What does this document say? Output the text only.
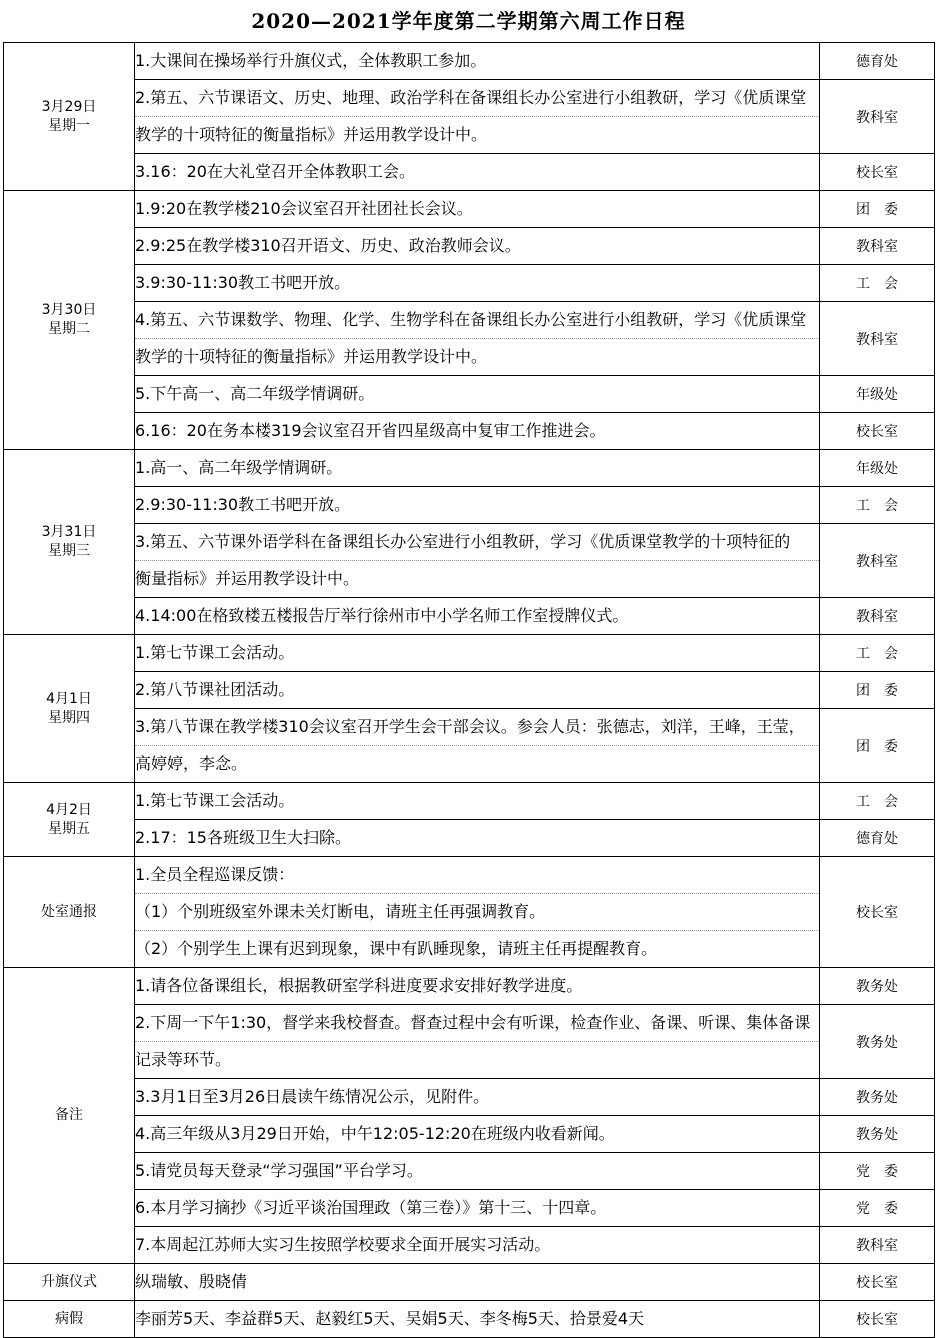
2020—2021学年度第二学期第六周工作日程
3月29日
星期一	1.大课间在操场举行升旗仪式，全体教职工参加。	德育处

	2.第五、六节课语文、历史、地理、政治学科在备课组长办公室进行小组教研，学习《优质课堂
教学的十项特征的衡量指标》并运用教学设计中。	教科室

	3.16：20在大礼堂召开全体教职工会。	校长室

3月30日
星期二	1.9:20在教学楼210会议室召开社团社长会议。	团委

	2.9:25在教学楼310召开语文、历史、政治教师会议。	教科室

	3.9:30-11:30教工书吧开放。	工会

	4.第五、六节课数学、物理、化学、生物学科在备课组长办公室进行小组教研，学习《优质课堂
教学的十项特征的衡量指标》并运用教学设计中。	教科室

	5.下午高一、高二年级学情调研。	年级处

	6.16：20在务本楼319会议室召开省四星级高中复审工作推进会。	校长室

3月31日
星期三	1.高一、高二年级学情调研。	年级处

	2.9:30-11:30教工书吧开放。	工会

	3.第五、六节课外语学科在备课组长办公室进行小组教研，学习《优质课堂教学的十项特征的
衡量指标》并运用教学设计中。	教科室

	4.14:00在格致楼五楼报告厅举行徐州市中小学名师工作室授牌仪式。	教科室

4月1日
星期四	1.第七节课工会活动。	工会

	2.第八节课社团活动。	团委

	3.第八节课在教学楼310会议室召开学生会干部会议。参会人员：张德志，刘洋，王峰，王莹，
高婷婷，李念。	团委

4月2日
星期五	1.第七节课工会活动。	工会

	2.17：15各班级卫生大扫除。	德育处

处室通报	1.全员全程巡课反馈：
（1）个别班级室外课未关灯断电，请班主任再强调教育。
（2）个别学生上课有迟到现象，课中有趴睡现象，请班主任再提醒教育。	校长室

备注	1.请各位备课组长，根据教研室学科进度要求安排好教学进度。	教务处

	2.下周一下午1:30，督学来我校督查。督查过程中会有听课，检查作业、备课、听课、集体备课
记录等环节。	教务处

	3.3月1日至3月26日晨读午练情况公示，见附件。	教务处

	4.高三年级从3月29日开始，中午12:05-12:20在班级内收看新闻。	教务处

	5.请党员每天登录“学习强国”平台学习。	党委

	6.本月学习摘抄《习近平谈治国理政（第三卷）》第十三、十四章。	党委

	7.本周起江苏师大实习生按照学校要求全面开展实习活动。	教科室

升旗仪式	纵瑞敏、殷晓倩	校长室

病假	李丽芳5天、李益群5天、赵毅红5天、吴娟5天、李冬梅5天、拾景爱4天	校长室
